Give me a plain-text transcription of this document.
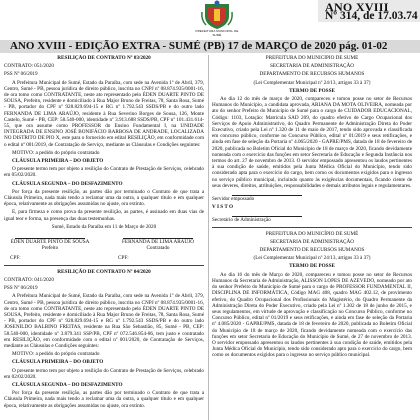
PREFEITURA MUNICIPAL DE SUMÉ
ANO XVIII
Nº 314, de 17.03.74
ANO XVIII - EDIÇÃO EXTRA - SUMÉ (PB) 17 de MARÇO de 2020 pág. 01-02

RESILIÇÃO DE CONTRATO Nº 03/2020

CONTRATO: 051/2020

PSS Nº 06/2019

A Prefeitura Municipal de Sumé, Estado da Paraíba, com sede na Avenida 1º de Abril, 379, Centro, Sumé - PB, pessoa jurídica de direito público, inscrita no CNPJ nº 08.874.935/0001-16, de ora tomo como CONTRATANTE, neste ato representado pelo ÉDEN DUARTE PINTO DE SOUSA, Prefeito, residente e domiciliado à Rua Major Bruno de Freitas, 78, Santa Rosa, Sumé - PB, portador do CPF nº 928.829.694-15 e RG nº 1.792.543 SSDS/PB e do outro lado FERNANDA DE LIMA ARAÚJO, residente à Rua Severino Borges de Sousa, 126, Monte Castelo, Sumé - PB, CEP: 58.540-000, identidade nº 3.913.688 SSDS/PB, CPF nº 101.431.614-55, que ora assume como PROFESSOR do Ensino Fundamental I, na UNIDADE INTEGRADA DE ENSINO JOSÉ BONIFÁCIO BARBOSA DE ANDRADE, LOCALIZADA NO DISTRITO DE PIO X, este para o fornecido em edital RESILIÇÃO, em conformidade com o edital nº 001/2019, de Contratação de Serviço, mediante as Cláusulas e Condições seguintes:

MOTIVO: a pedido do próprio contratado

CLÁUSULA PRIMEIRA – DO OBJETO

O presente termo tem por objeto a resilição do Contrato de Prestação de Serviços, celebrado em 05/02/2020.

CLÁUSULA SEGUNDA – DO DESFAZIMENTO

Por força da presente resilição, as partes dão por terminado o Contrato de que trata a Cláusula Primeira, nada mais tendo a reclamar uma da outra, a qualquer título e em qualquer época, relativamente as obrigações assumidas no ajuste, ora extinto.

E, para firmeza e como prova da presente resilição, as partes, é assinado em duas vias de igual teor e forma, na presença das duas testemunhas.

Sumé, Estado da Paraíba em 11 de Março de 2020

ÉDEN DUARTE PINTO DE SOUSA
Prefeito
FERNANDA DE LIMA ARAÚJO
Contratado
CPF:	CPF:

RESILIÇÃO DE CONTRATO Nº 04/2020

CONTRATO: 041/2020

PSS Nº 06/2019

A Prefeitura Municipal de Sumé, Estado da Paraíba, com sede na Avenida 1º de Abril, 379, Centro, Sumé - PB, pessoa jurídica de direito público, inscrita no CNPJ nº 08.874.935/0001-16, de ora tomo como CONTRATANTE, neste ato representado pelo ÉDEN DUARTE PINTO DE SOUSA, Prefeito, residente e domiciliado à Rua Major Bruno de Freitas, 78, Santa Rosa, Sumé - PB, portador do CPF nº 928.829.694-15 e RG nº 1.792.543 SSDS/PB e do outro lado JOSENILDO BALBINO FREITAS, residente na Rua São Sebastião, 85, Sumé - PB, CEP: 58.540-000, identidade nº 3.879.341 SSP/PB, CPF nº 072.546.854-86, tem justo e contratado em RESILIÇÃO, em conformidade com o edital nº 001/2020, de Contratação de Serviços, mediante as Cláusulas e Condições seguintes:

MOTIVO: a pedido do próprio contratado

CLÁUSULA PRIMEIRA – DO OBJETO

O presente termo tem por objeto a resilição do Contrato de Prestação de Serviços, celebrado em 02/02/2020.

CLÁUSULA SEGUNDA – DO DESFAZIMENTO

Por força da presente resilição, as partes dão por terminado o Contrato de que trata a Cláusula Primeira, nada mais tendo a reclamar uma da outra, a qualquer título e em qualquer época, relativamente as obrigações assumidas no ajuste, ora extinto.

PREFEITURA DO MUNICÍPIO DE SUMÉ

SECRETARIA DE ADMINISTRAÇÃO

DEPARTAMENTO DE RECURSOS HUMANOS

(Lei Complementar Municipal nº 24/13, artigos 33 à 37)

TERMO DE POSSE

Ao dia 12 do mês de março de 2020, compareceu e tomou posse no setor de Recursos Humanos do Município, a candidata aprovada, ARIANA DA MOTA OLIVEIRA, nomeada por ato do senhor Prefeito do Município de Sumé para o cargo de CUIDADOR EDUCACIONAL, Código: 1103, Lotação: Matrícula SAD 209, do quadro efetivo de Cargo Ocupacional dos Serviços de Apoio Administrativo, do Quadro Permanente de Administração Direta do Poder Executivo, criado pela Lei nº 1.320 de 11 de maio de 2017, tendo sido aprovada e classificada em concurso público, conforme no Concurso Público, edital nº 01/2019 e seus retificações, e ainda em fase de seleção da Portaria nº 4.065/2020 - GAPRE/PMS, datada de 18 de fevereiro de 2020, publicada no Boletim Oficial do Município de 18 de março de 2020, ficando devidamente nomeada com o exercício das funções em setor Secretaria de Educação e Segunda Instância nos termos do art. 27 de novembro de 2013. O servidor empossado apresentou os laudos pertinentes à sua condição de saúde, emitidos pela Junta Médica Oficial do Município, tendo sido considerado apta para o exercício do cargo, bem como os documentos exigidos para o ingresso no serviço público municipal, incluindo quanto às exigências documentais, ficando ciente de seus deveres, direitos, atribuições, responsabilidades e demais atributos legais e regulamentares.

Servidor empossado

V I S T O

Secretário de Administração

PREFEITURA DO MUNICÍPIO DE SUMÉ

SECRETARIA DE ADMINISTRAÇÃO

DEPARTAMENTO DE RECURSOS HUMANOS

(Lei Complementar Municipal nº 24/13, artigos 33 à 37)

TERMO DE POSSE

Ao dia 16 do mês de Março de 2020, compareceu e tomou posse no setor de Recursos Humanos da Secretaria de Administração, ALISSON LOPES DE AZEVEDO, nomeado por ato do senhor Prefeito do Município de Sumé para o cargo de PROFESSOR FUNDAMENTAL II, DISCIPLINA DE INFORMÁTICA, Código MAG 408, quadro MAG 402.12, de provimento efetivo, do Quadro Ocupacional dos Profissionais do Magistério, do Quadro Permanente da Administração Direta do Poder Executivo, criado pela Lei nº 1.302 de 18 de junho de 2015, e seus regulamentos, em virtude de aprovação e classificação no Concurso Público, conforme no Concurso Público, edital nº 01/2019 e seus retificações, e ainda em fase de seleção da Portaria nº 4.085/2020 - GAPRE/PMS, datada de 18 de fevereiro de 2020, publicada no Boletim Oficial do Município de 18 de março de 2020, ficando devidamente nomeada com o exercício das funções em setor Secretaria de Educação do Município de Sumé, de 27 de novembro de 2013. O servidor empossado apresentou os laudos pertinentes à sua condição de saúde, emitidos pela Junta Médica Oficial do Município, tendo sido considerado apto para o exercício do cargo, bem como os documentos exigidos para o ingresso no serviço público municipal.
